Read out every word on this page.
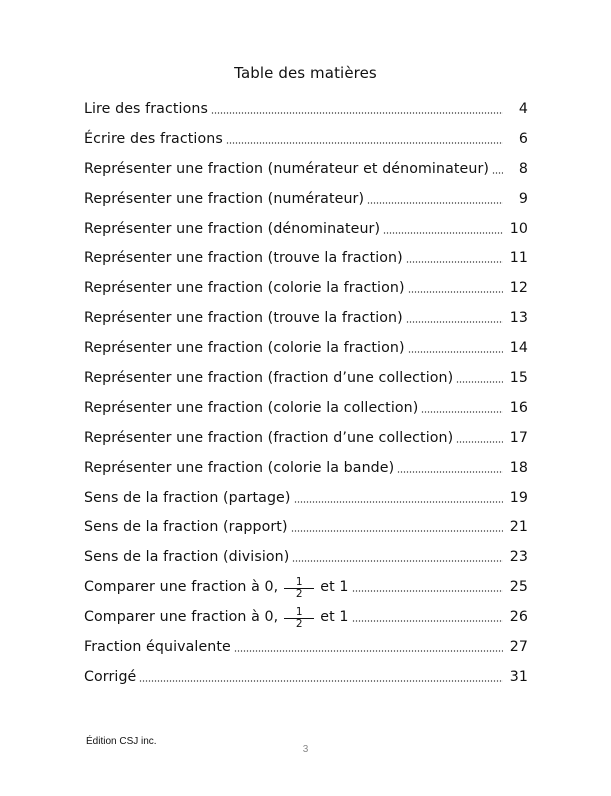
Table des matières
Lire des fractions	4
Écrire des fractions	6
Représenter une fraction (numérateur et dénominateur)	8
Représenter une fraction (numérateur)	9
Représenter une fraction (dénominateur)	10
Représenter une fraction (trouve la fraction)	11
Représenter une fraction (colorie la fraction)	12
Représenter une fraction (trouve la fraction)	13
Représenter une fraction (colorie la fraction)	14
Représenter une fraction (fraction d’une collection)	15
Représenter une fraction (colorie la collection)	16
Représenter une fraction (fraction d’une collection)	17
Représenter une fraction (colorie la bande)	18
Sens de la fraction (partage)	19
Sens de la fraction (rapport)	21
Sens de la fraction (division)	23
Comparer une fraction à 0, $\frac{1}{2}$ et 1	25
Comparer une fraction à 0, $\frac{1}{2}$ et 1	26
Fraction équivalente	27
Corrigé	31
Édition CSJ inc.
3
